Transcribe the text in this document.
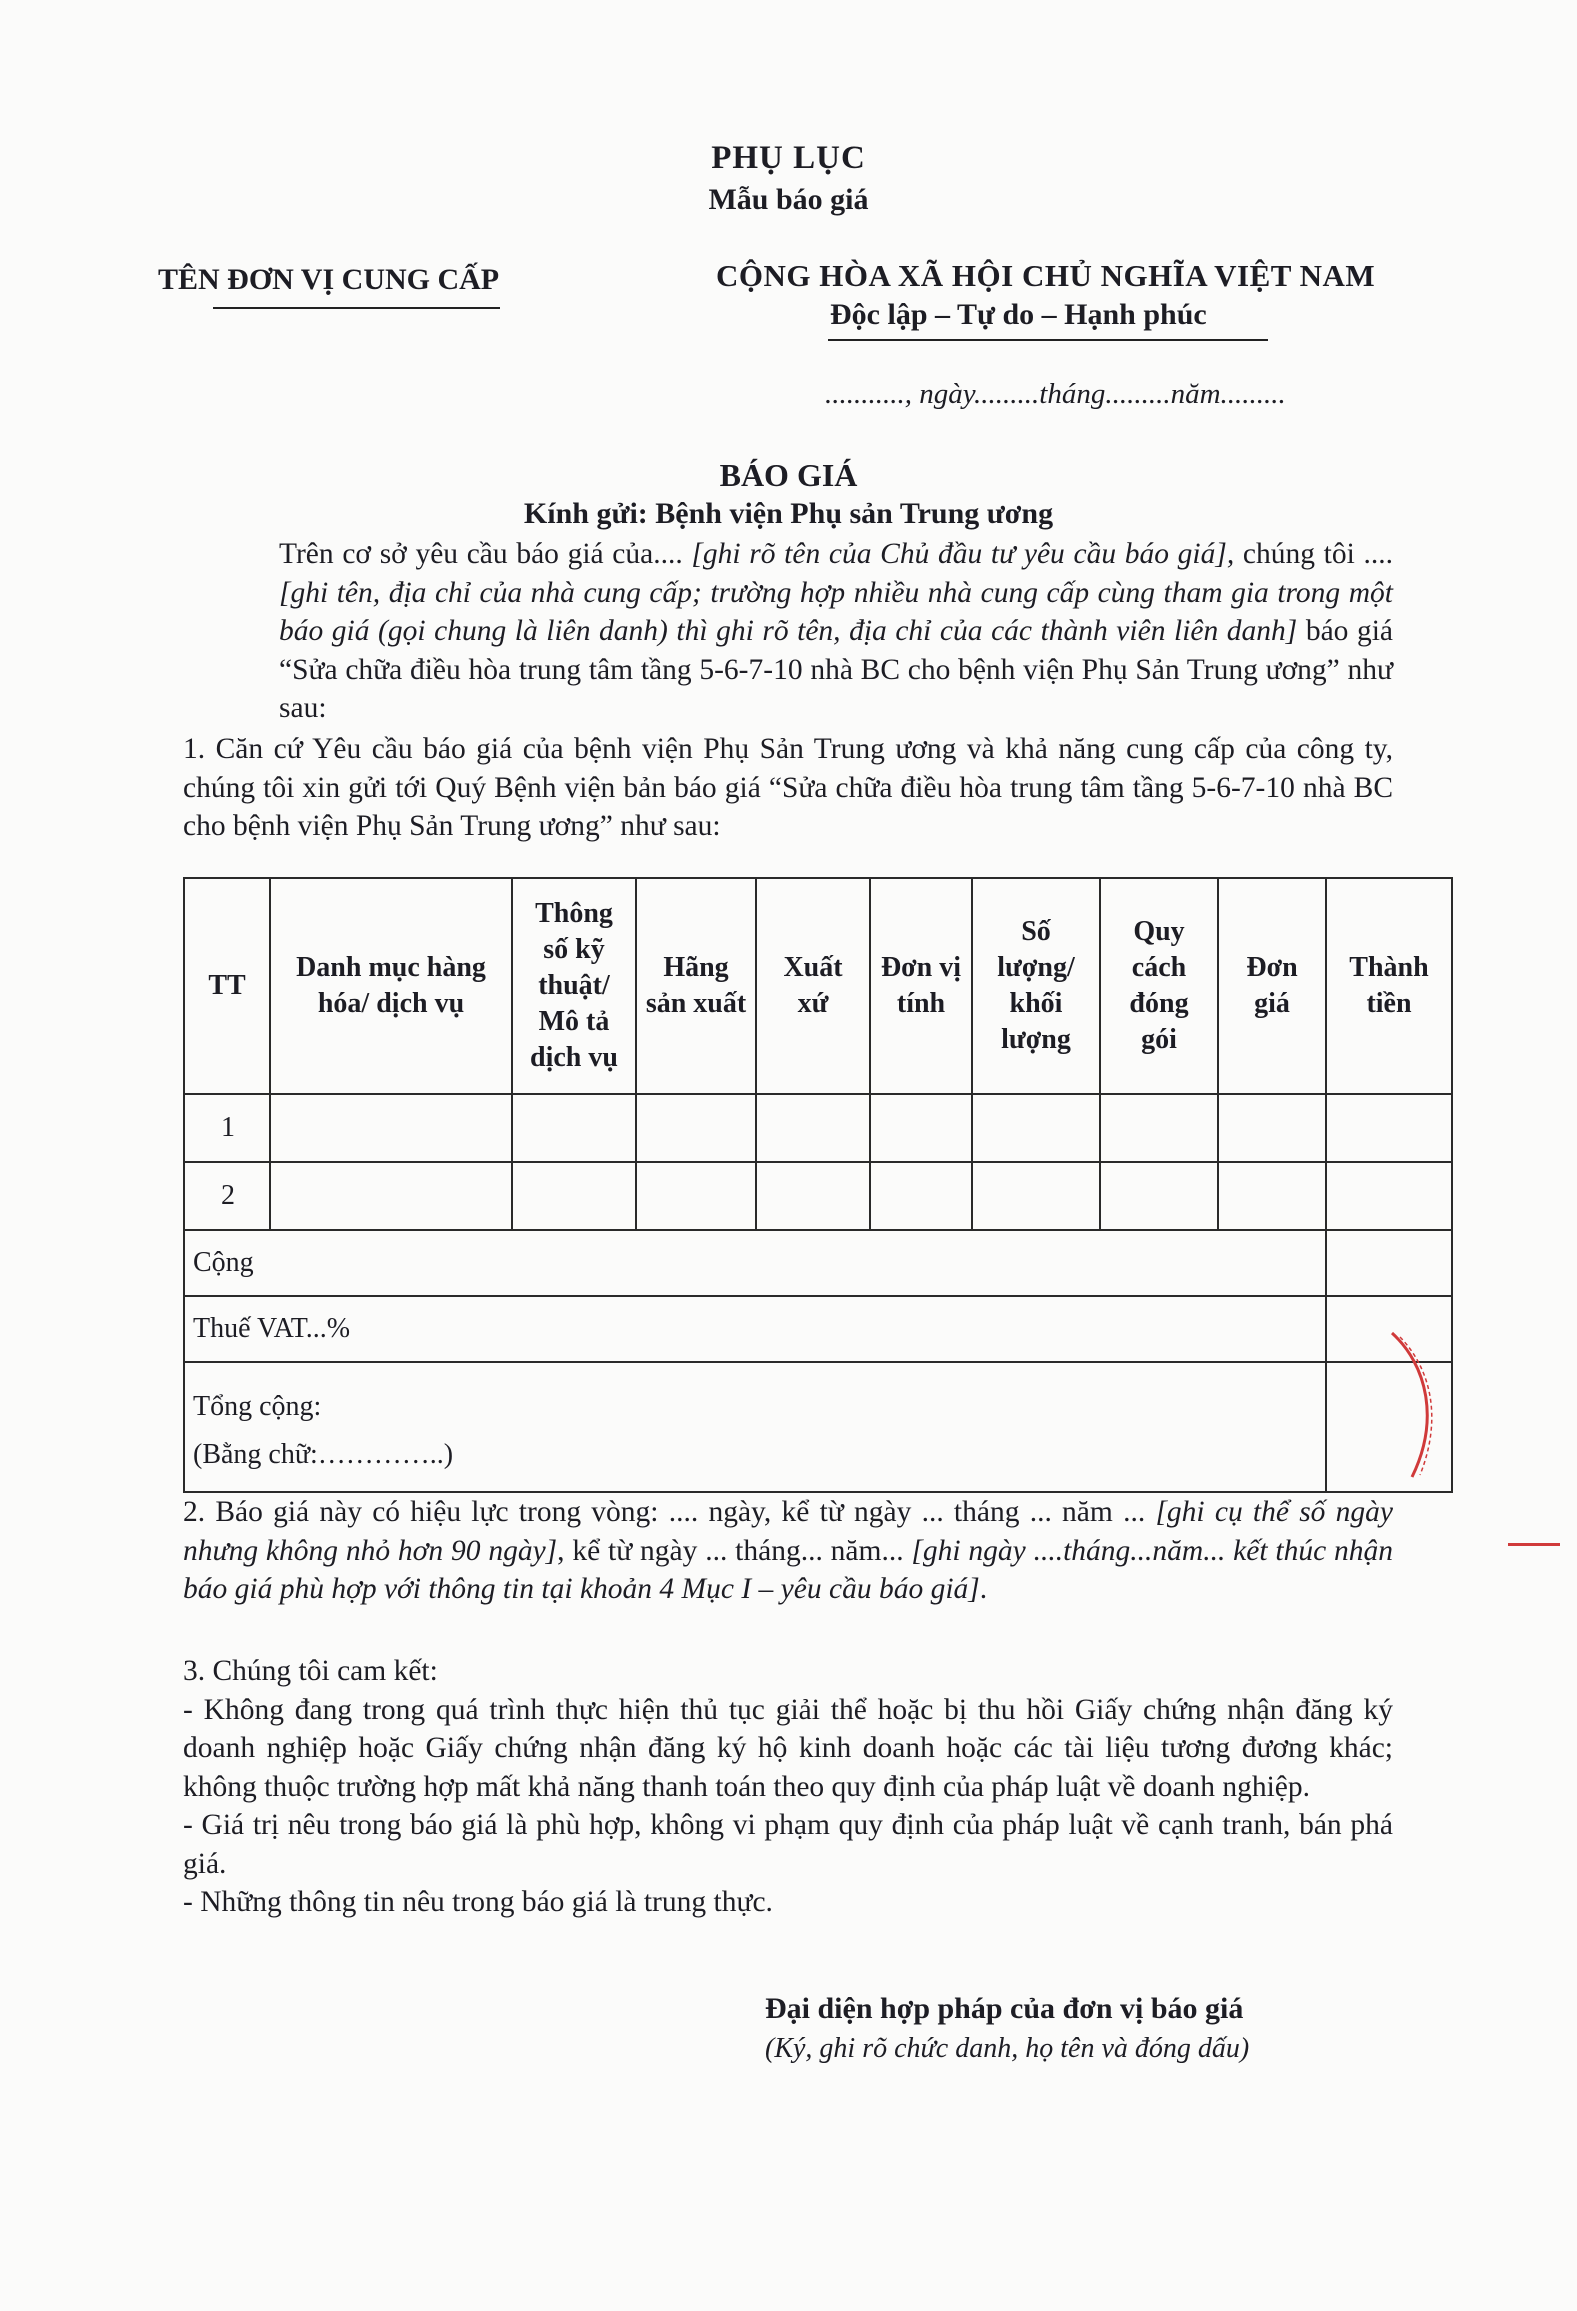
PHỤ LỤC
Mẫu báo giá
TÊN ĐƠN VỊ CUNG CẤP	CỘNG HÒA XÃ HỘI CHỦ NGHĨA VIỆT NAM
Độc lập – Tự do – Hạnh phúc
..........., ngày.........tháng.........năm.........
BÁO GIÁ
Kính gửi: Bệnh viện Phụ sản Trung ương
Trên cơ sở yêu cầu báo giá của.... [ghi rõ tên của Chủ đầu tư yêu cầu báo giá], chúng tôi .... [ghi tên, địa chỉ của nhà cung cấp; trường hợp nhiều nhà cung cấp cùng tham gia trong một báo giá (gọi chung là liên danh) thì ghi rõ tên, địa chỉ của các thành viên liên danh] báo giá “Sửa chữa điều hòa trung tâm tầng 5-6-7-10 nhà BC cho bệnh viện Phụ Sản Trung ương” như sau:
1. Căn cứ Yêu cầu báo giá của bệnh viện Phụ Sản Trung ương và khả năng cung cấp của công ty, chúng tôi xin gửi tới Quý Bệnh viện bản báo giá “Sửa chữa điều hòa trung tâm tầng 5-6-7-10 nhà BC cho bệnh viện Phụ Sản Trung ương” như sau:
TT	Danh mục hàng hóa/ dịch vụ	Thông số kỹ thuật/ Mô tả dịch vụ	Hãng sản xuất	Xuất xứ	Đơn vị tính	Số lượng/ khối lượng	Quy cách đóng gói	Đơn giá	Thành tiền
1									
2									
Cộng									
Thuế VAT...%									

Tổng cộng:
(Bằng chữ:…………..)									

2. Báo giá này có hiệu lực trong vòng: .... ngày, kể từ ngày ... tháng ... năm ... [ghi cụ thể số ngày nhưng không nhỏ hơn 90 ngày], kể từ ngày ... tháng... năm... [ghi ngày ....tháng...năm... kết thúc nhận báo giá phù hợp với thông tin tại khoản 4 Mục I – yêu cầu báo giá].
3. Chúng tôi cam kết:
- Không đang trong quá trình thực hiện thủ tục giải thể hoặc bị thu hồi Giấy chứng nhận đăng ký doanh nghiệp hoặc Giấy chứng nhận đăng ký hộ kinh doanh hoặc các tài liệu tương đương khác; không thuộc trường hợp mất khả năng thanh toán theo quy định của pháp luật về doanh nghiệp.
- Giá trị nêu trong báo giá là phù hợp, không vi phạm quy định của pháp luật về cạnh tranh, bán phá giá.
- Những thông tin nêu trong báo giá là trung thực.
Đại diện hợp pháp của đơn vị báo giá
(Ký, ghi rõ chức danh, họ tên và đóng dấu)
